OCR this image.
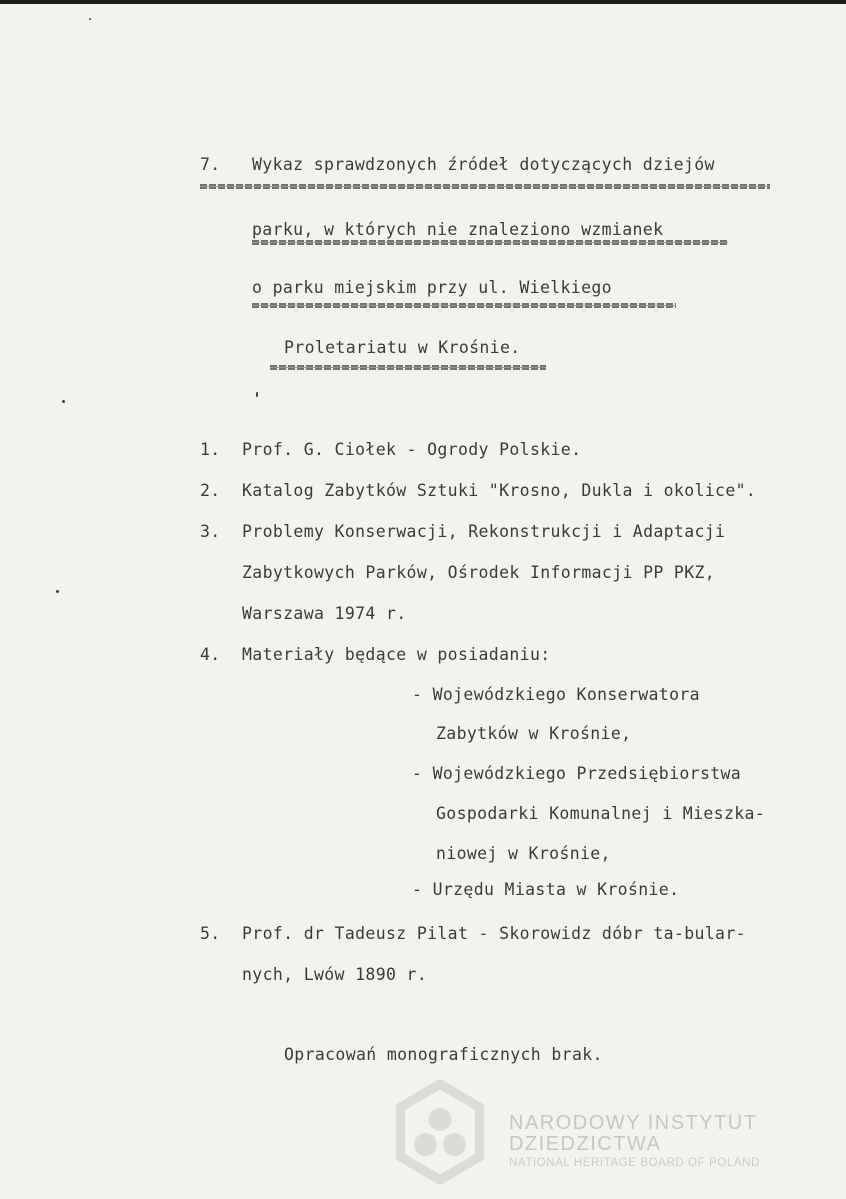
7. Wykaz sprawdzonych źródeł dotyczących dziejów
parku, w których nie znaleziono wzmianek
o parku miejskim przy ul. Wielkiego
Proletariatu w Krośnie.
1. Prof. G. Ciołek - Ogrody Polskie.
2. Katalog Zabytków Sztuki "Krosno, Dukla i okolice".
3. Problemy Konserwacji, Rekonstrukcji i Adaptacji
Zabytkowych Parków, Ośrodek Informacji PP PKZ,
Warszawa 1974 r.
4. Materiały będące w posiadaniu:
- Wojewódzkiego Konserwatora
Zabytków w Krośnie,
- Wojewódzkiego Przedsiębiorstwa
Gospodarki Komunalnej i Mieszka-
niowej w Krośnie,
- Urzędu Miasta w Krośnie.
5. Prof. dr Tadeusz Pilat - Skorowidz dóbr ta-bular-
nych, Lwów 1890 r.
Opracowań monograficznych brak.
NARODOWY INSTYTUT
DZIEDZICTWA
NATIONAL HERITAGE BOARD OF POLAND
